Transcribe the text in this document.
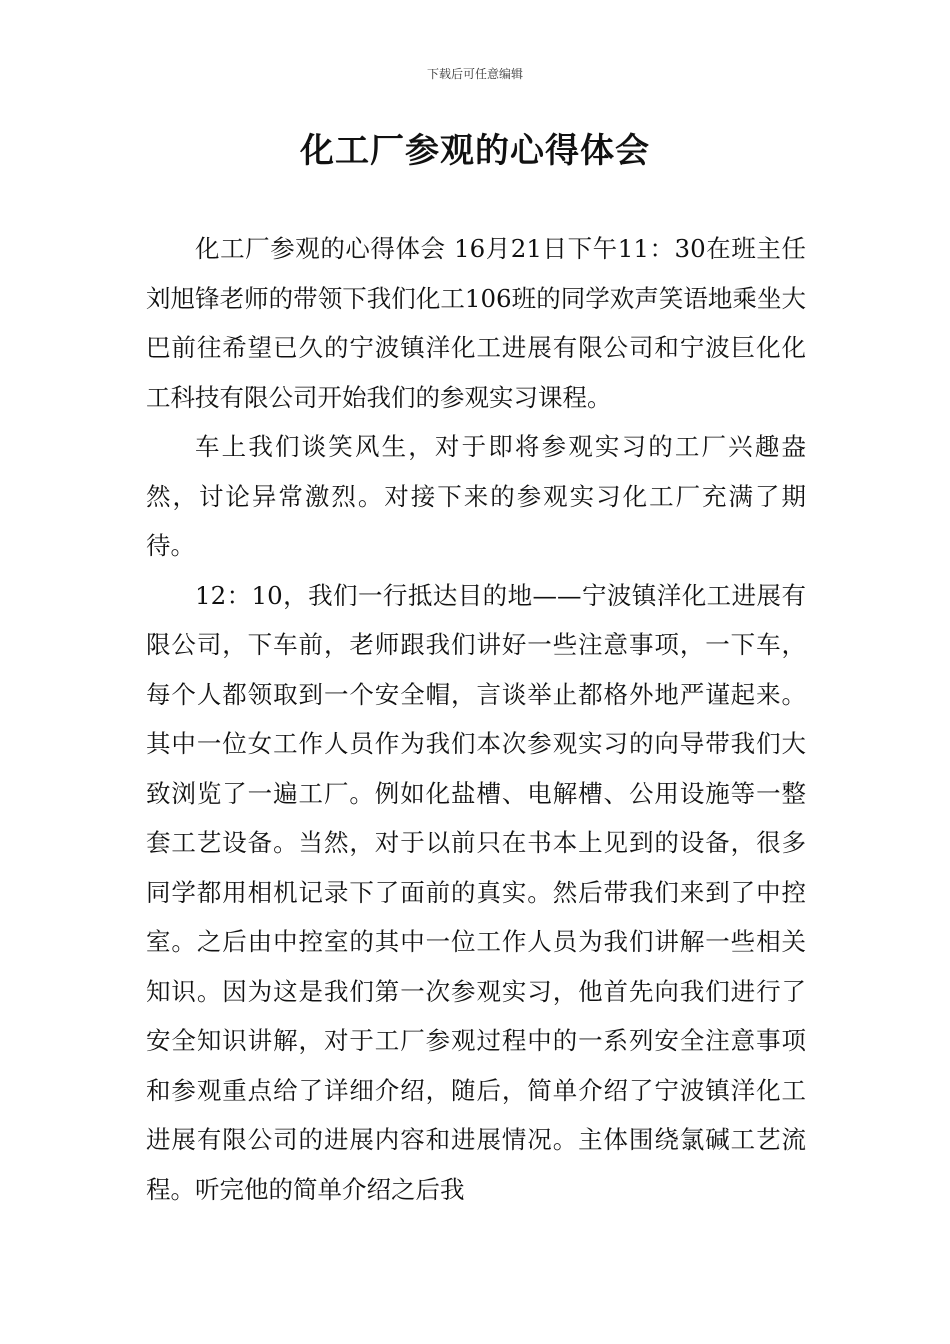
下载后可任意编辑
化工厂参观的心得体会

化工厂参观的心得体会 16月21日下午11：30在班主任刘旭锋老师的带领下我们化工106班的同学欢声笑语地乘坐大巴前往希望已久的宁波镇洋化工进展有限公司和宁波巨化化工科技有限公司开始我们的参观实习课程。

车上我们谈笑风生，对于即将参观实习的工厂兴趣盎然，讨论异常激烈。对接下来的参观实习化工厂充满了期待。

12：10，我们一行抵达目的地——宁波镇洋化工进展有限公司，下车前，老师跟我们讲好一些注意事项，一下车，每个人都领取到一个安全帽，言谈举止都格外地严谨起来。其中一位女工作人员作为我们本次参观实习的向导带我们大致浏览了一遍工厂。例如化盐槽、电解槽、公用设施等一整套工艺设备。当然，对于以前只在书本上见到的设备，很多同学都用相机记录下了面前的真实。然后带我们来到了中控室。之后由中控室的其中一位工作人员为我们讲解一些相关知识。因为这是我们第一次参观实习，他首先向我们进行了安全知识讲解，对于工厂参观过程中的一系列安全注意事项和参观重点给了详细介绍，随后，简单介绍了宁波镇洋化工进展有限公司的进展内容和进展情况。主体围绕氯碱工艺流程。听完他的简单介绍之后我
